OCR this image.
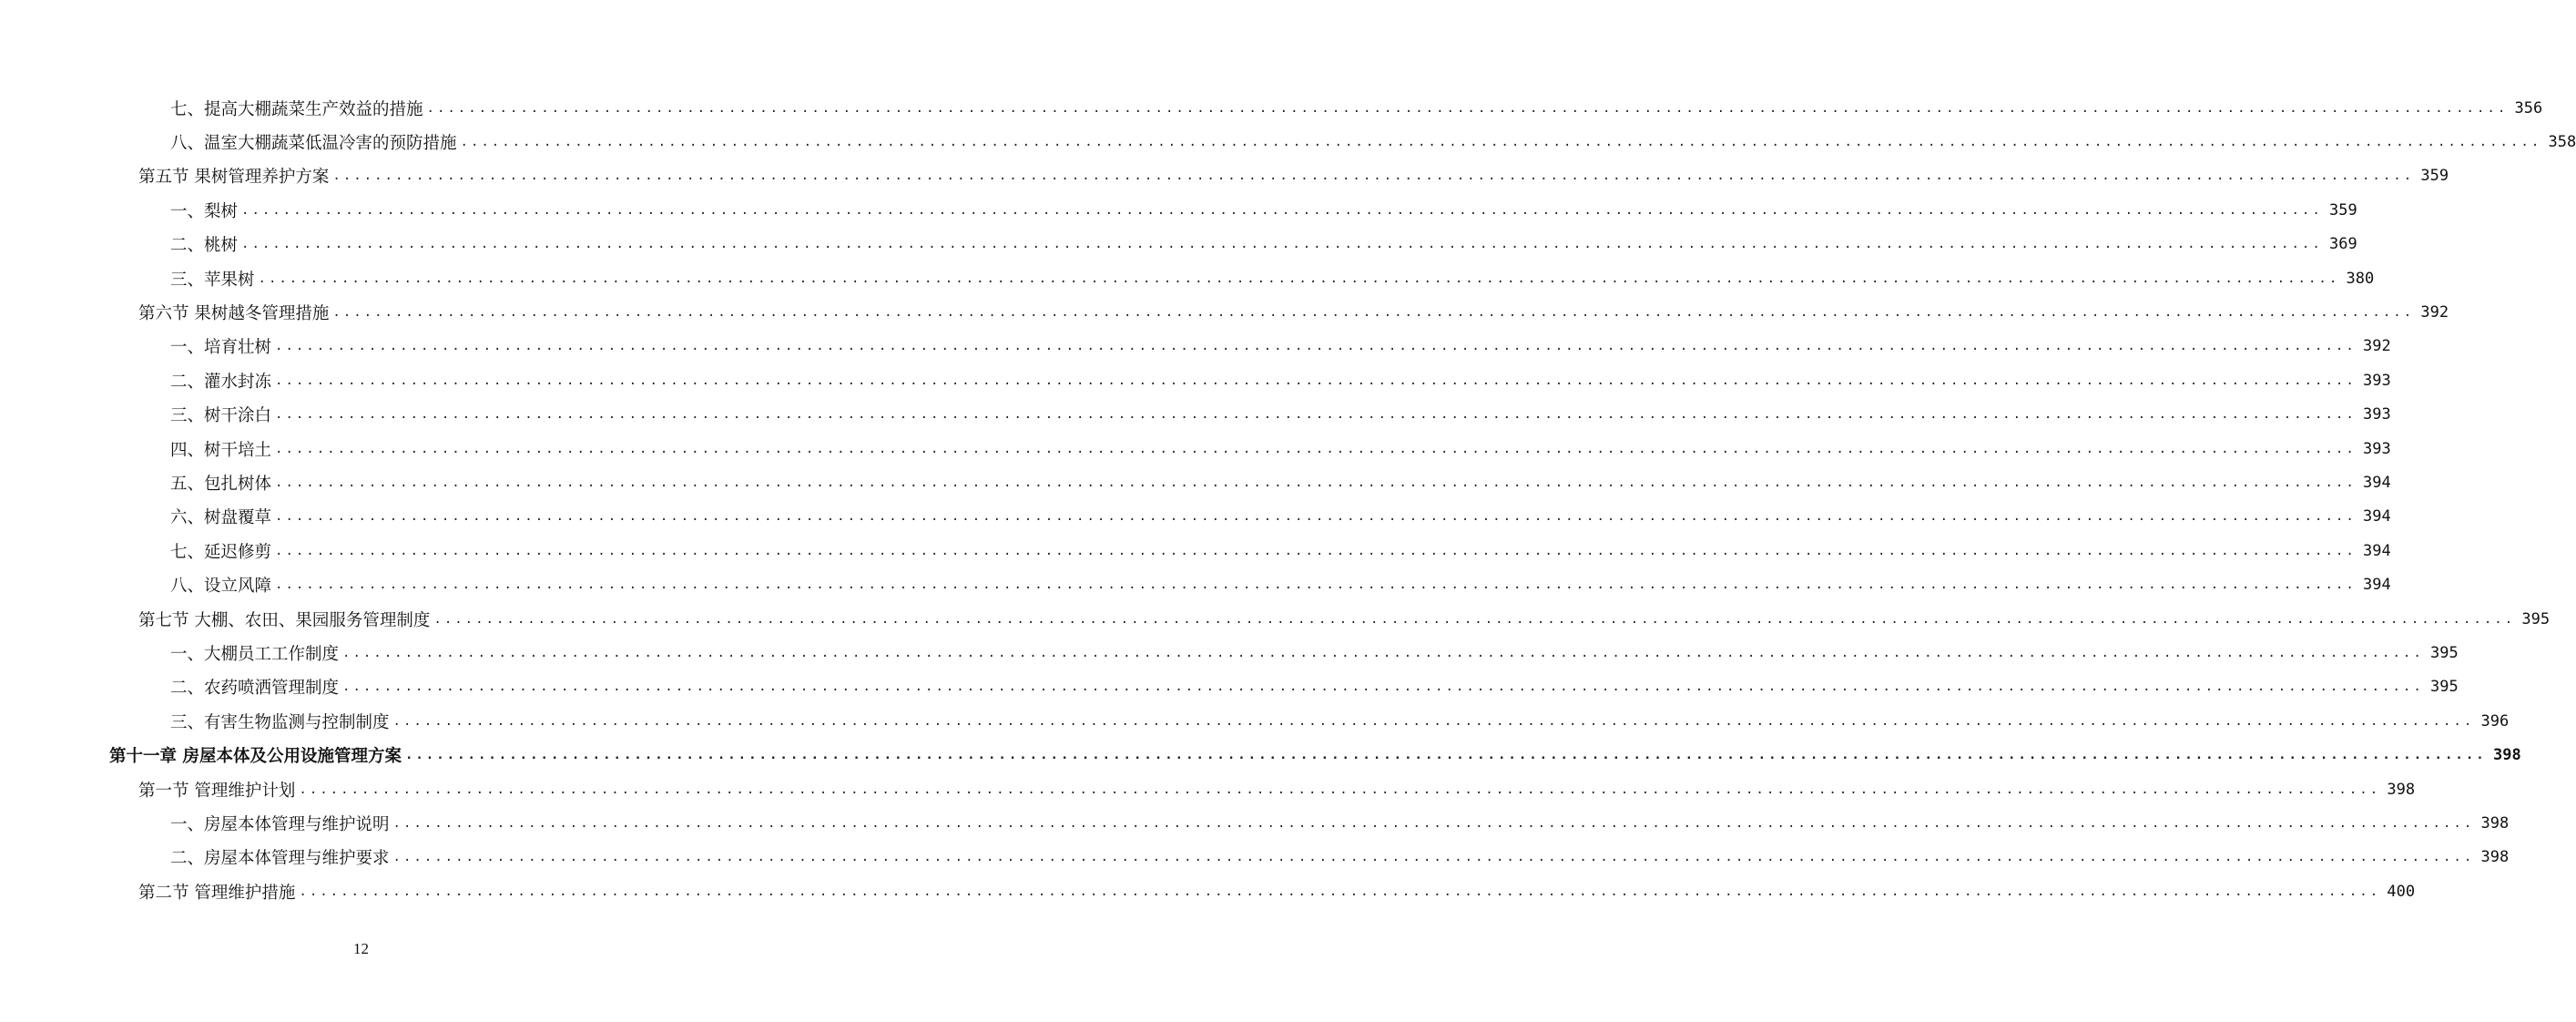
七、提高大棚蔬菜生产效益的措施 ........................................................................................................................................................................................................ 356
八、温室大棚蔬菜低温冷害的预防措施 ........................................................................................................................................................................................................ 358
第五节 果树管理养护方案 ........................................................................................................................................................................................................ 359
一、梨树 ........................................................................................................................................................................................................ 359
二、桃树 ........................................................................................................................................................................................................ 369
三、苹果树 ........................................................................................................................................................................................................ 380
第六节 果树越冬管理措施 ........................................................................................................................................................................................................ 392
一、培育壮树 ........................................................................................................................................................................................................ 392
二、灌水封冻 ........................................................................................................................................................................................................ 393
三、树干涂白 ........................................................................................................................................................................................................ 393
四、树干培土 ........................................................................................................................................................................................................ 393
五、包扎树体 ........................................................................................................................................................................................................ 394
六、树盘覆草 ........................................................................................................................................................................................................ 394
七、延迟修剪 ........................................................................................................................................................................................................ 394
八、设立风障 ........................................................................................................................................................................................................ 394
第七节 大棚、农田、果园服务管理制度 ........................................................................................................................................................................................................ 395
一、大棚员工工作制度 ........................................................................................................................................................................................................ 395
二、农药喷洒管理制度 ........................................................................................................................................................................................................ 395
三、有害生物监测与控制制度 ........................................................................................................................................................................................................ 396
第十一章 房屋本体及公用设施管理方案 ........................................................................................................................................................................................................ 398
第一节 管理维护计划 ........................................................................................................................................................................................................ 398
一、房屋本体管理与维护说明 ........................................................................................................................................................................................................ 398
二、房屋本体管理与维护要求 ........................................................................................................................................................................................................ 398
第二节 管理维护措施 ........................................................................................................................................................................................................ 400
12
